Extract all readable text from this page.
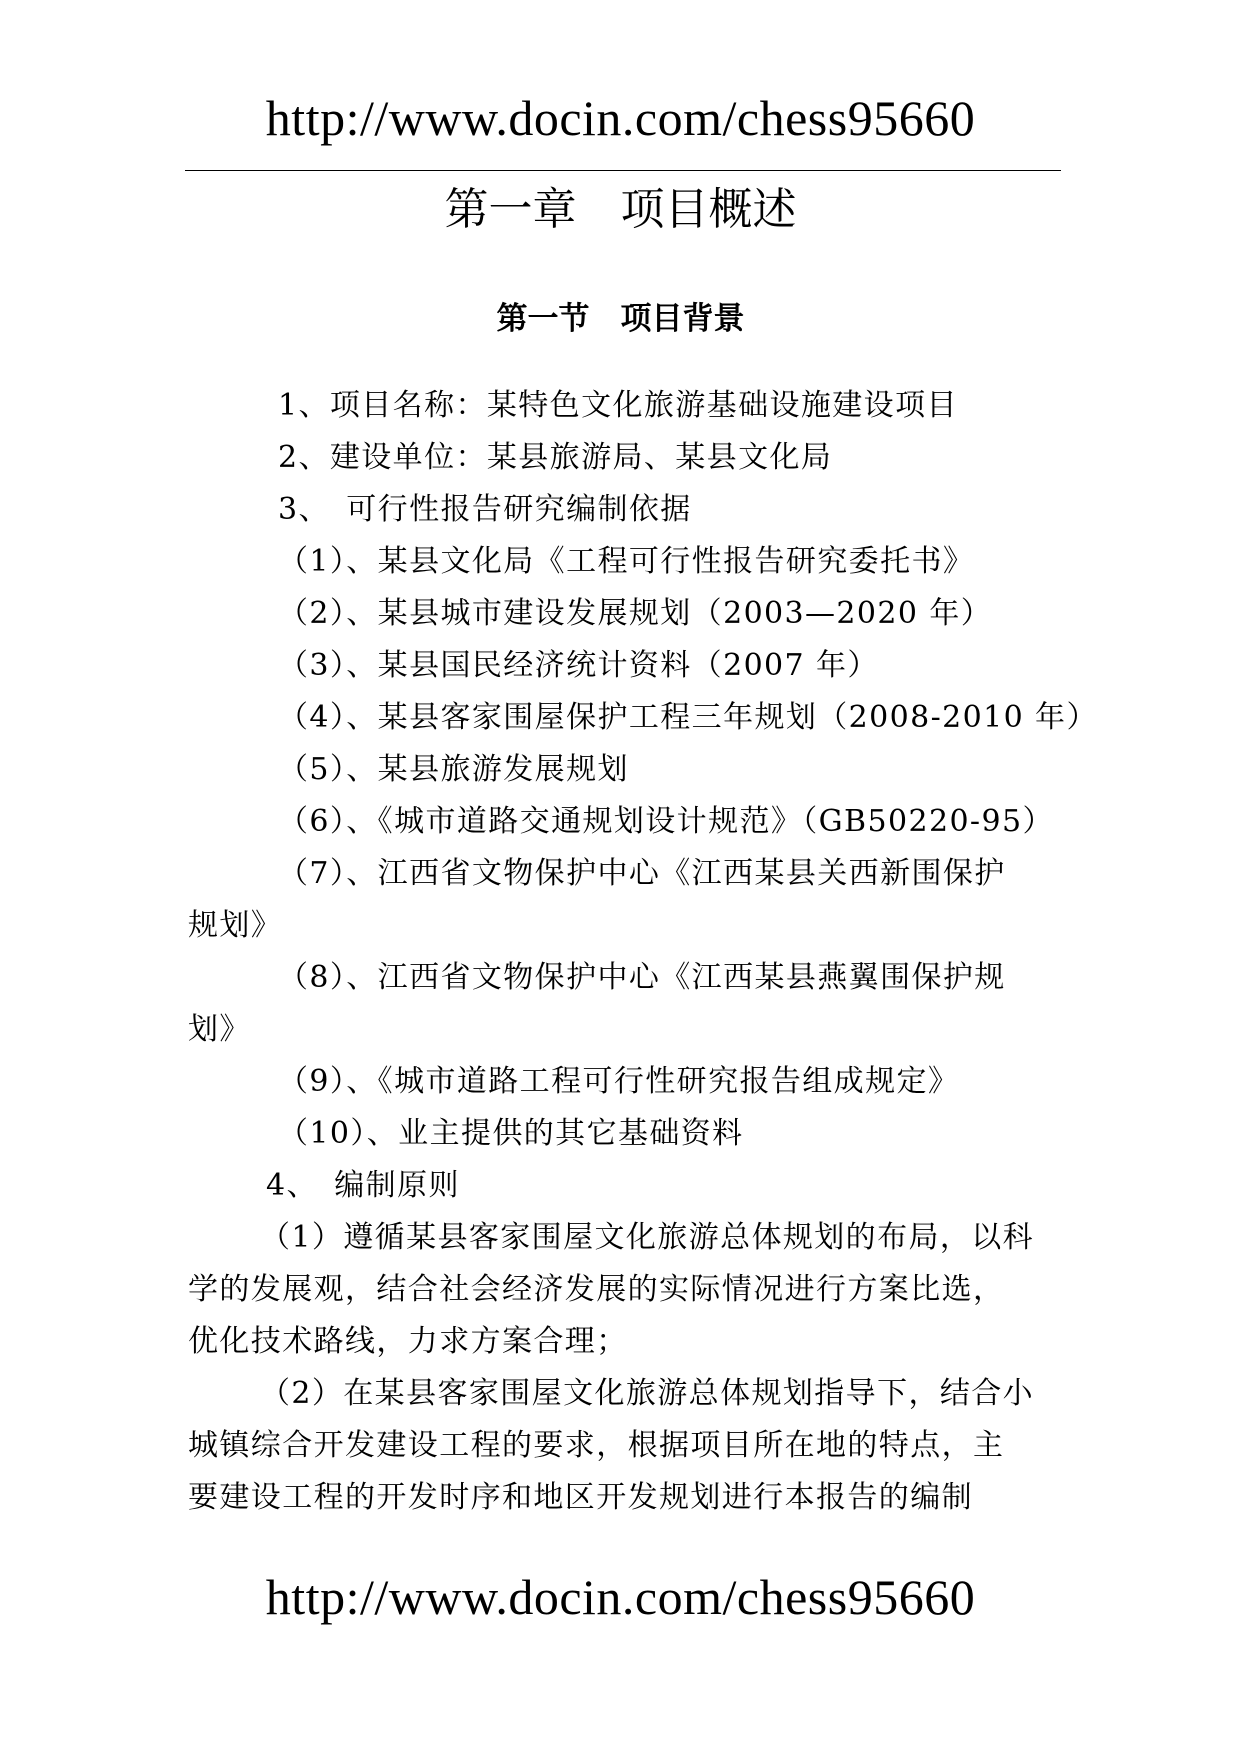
http://www.docin.com/chess95660
第一章　项目概述
第一节　项目背景
1、项目名称：某特色文化旅游基础设施建设项目
2、建设单位：某县旅游局、某县文化局
3、　可行性报告研究编制依据
（1）、某县文化局《工程可行性报告研究委托书》
（2）、某县城市建设发展规划（2003—2020 年）
（3）、某县国民经济统计资料（2007 年）
（4）、某县客家围屋保护工程三年规划（2008-2010 年）
（5）、某县旅游发展规划
（6）、《城市道路交通规划设计规范》（GB50220-95）
（7）、江西省文物保护中心《江西某县关西新围保护
规划》
（8）、江西省文物保护中心《江西某县燕翼围保护规
划》
（9）、《城市道路工程可行性研究报告组成规定》
（10）、业主提供的其它基础资料
4、　编制原则
（1）遵循某县客家围屋文化旅游总体规划的布局，以科
学的发展观，结合社会经济发展的实际情况进行方案比选，
优化技术路线，力求方案合理；
（2）在某县客家围屋文化旅游总体规划指导下，结合小
城镇综合开发建设工程的要求，根据项目所在地的特点，主
要建设工程的开发时序和地区开发规划进行本报告的编制
http://www.docin.com/chess95660
